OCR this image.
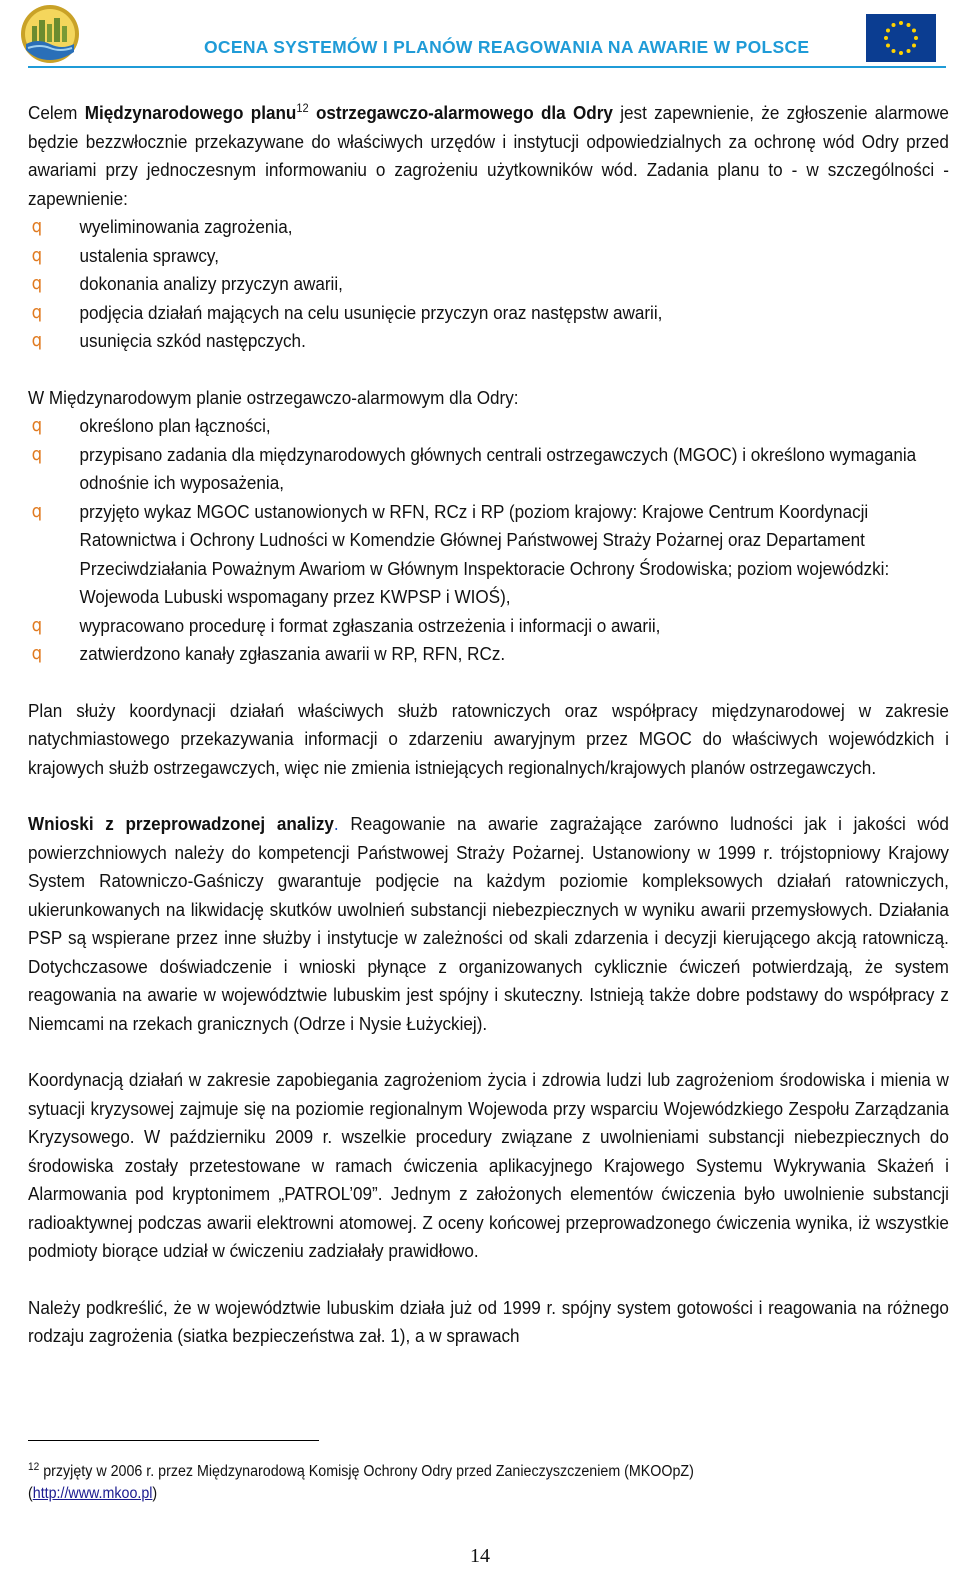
OCENA SYSTEMÓW I PLANÓW REAGOWANIA NA AWARIE W POLSCE

Celem Międzynarodowego planu$^{12}$ ostrzegawczo-alarmowego dla Odry jest zapewnienie, że zgłoszenie alarmowe będzie bezzwłocznie przekazywane do właściwych urzędów i instytucji odpowiedzialnych za ochronę wód Odry przed awariami przy jednoczesnym informowaniu o zagrożeniu użytkowników wód. Zadania planu to - w szczególności - zapewnienie:

q wyeliminowania zagrożenia,
q ustalenia sprawcy,
q dokonania analizy przyczyn awarii,
q podjęcia działań mających na celu usunięcie przyczyn oraz następstw awarii,
q usunięcia szkód następczych.

W Międzynarodowym planie ostrzegawczo-alarmowym dla Odry:

q określono plan łączności,
q przypisano zadania dla międzynarodowych głównych centrali ostrzegawczych (MGOC) i określono wymagania odnośnie ich wyposażenia,
q przyjęto wykaz MGOC ustanowionych w RFN, RCz i RP (poziom krajowy: Krajowe Centrum Koordynacji Ratownictwa i Ochrony Ludności w Komendzie Głównej Państwowej Straży Pożarnej oraz Departament Przeciwdziałania Poważnym Awariom w Głównym Inspektoracie Ochrony Środowiska; poziom wojewódzki: Wojewoda Lubuski wspomagany przez KWPSP i WIOŚ),
q wypracowano procedurę i format zgłaszania ostrzeżenia i informacji o awarii,
q zatwierdzono kanały zgłaszania awarii w RP, RFN, RCz.

Plan służy koordynacji działań właściwych służb ratowniczych oraz współpracy międzynarodowej w zakresie natychmiastowego przekazywania informacji o zdarzeniu awaryjnym przez MGOC do właściwych wojewódzkich i krajowych służb ostrzegawczych, więc nie zmienia istniejących regionalnych/krajowych planów ostrzegawczych.

Wnioski z przeprowadzonej analizy. Reagowanie na awarie zagrażające zarówno ludności jak i jakości wód powierzchniowych należy do kompetencji Państwowej Straży Pożarnej. Ustanowiony w 1999 r. trójstopniowy Krajowy System Ratowniczo-Gaśniczy gwarantuje podjęcie na każdym poziomie kompleksowych działań ratowniczych, ukierunkowanych na likwidację skutków uwolnień substancji niebezpiecznych w wyniku awarii przemysłowych. Działania PSP są wspierane przez inne służby i instytucje w zależności od skali zdarzenia i decyzji kierującego akcją ratowniczą. Dotychczasowe doświadczenie i wnioski płynące z organizowanych cyklicznie ćwiczeń potwierdzają, że system reagowania na awarie w województwie lubuskim jest spójny i skuteczny. Istnieją także dobre podstawy do współpracy z Niemcami na rzekach granicznych (Odrze i Nysie Łużyckiej).

Koordynacją działań w zakresie zapobiegania zagrożeniom życia i zdrowia ludzi lub zagrożeniom środowiska i mienia w sytuacji kryzysowej zajmuje się na poziomie regionalnym Wojewoda przy wsparciu Wojewódzkiego Zespołu Zarządzania Kryzysowego. W październiku 2009 r. wszelkie procedury związane z uwolnieniami substancji niebezpiecznych do środowiska zostały przetestowane w ramach ćwiczenia aplikacyjnego Krajowego Systemu Wykrywania Skażeń i Alarmowania pod kryptonimem „PATROL’09”. Jednym z założonych elementów ćwiczenia było uwolnienie substancji radioaktywnej podczas awarii elektrowni atomowej. Z oceny końcowej przeprowadzonego ćwiczenia wynika, iż wszystkie podmioty biorące udział w ćwiczeniu zadziałały prawidłowo.

Należy podkreślić, że w województwie lubuskim działa już od 1999 r. spójny system gotowości i reagowania na różnego rodzaju zagrożenia (siatka bezpieczeństwa zał. 1), a w sprawach

$^{12}$ przyjęty w 2006 r. przez Międzynarodową Komisję Ochrony Odry przed Zanieczyszczeniem (MKOOpZ)
(http://www.mkoo.pl)
14
